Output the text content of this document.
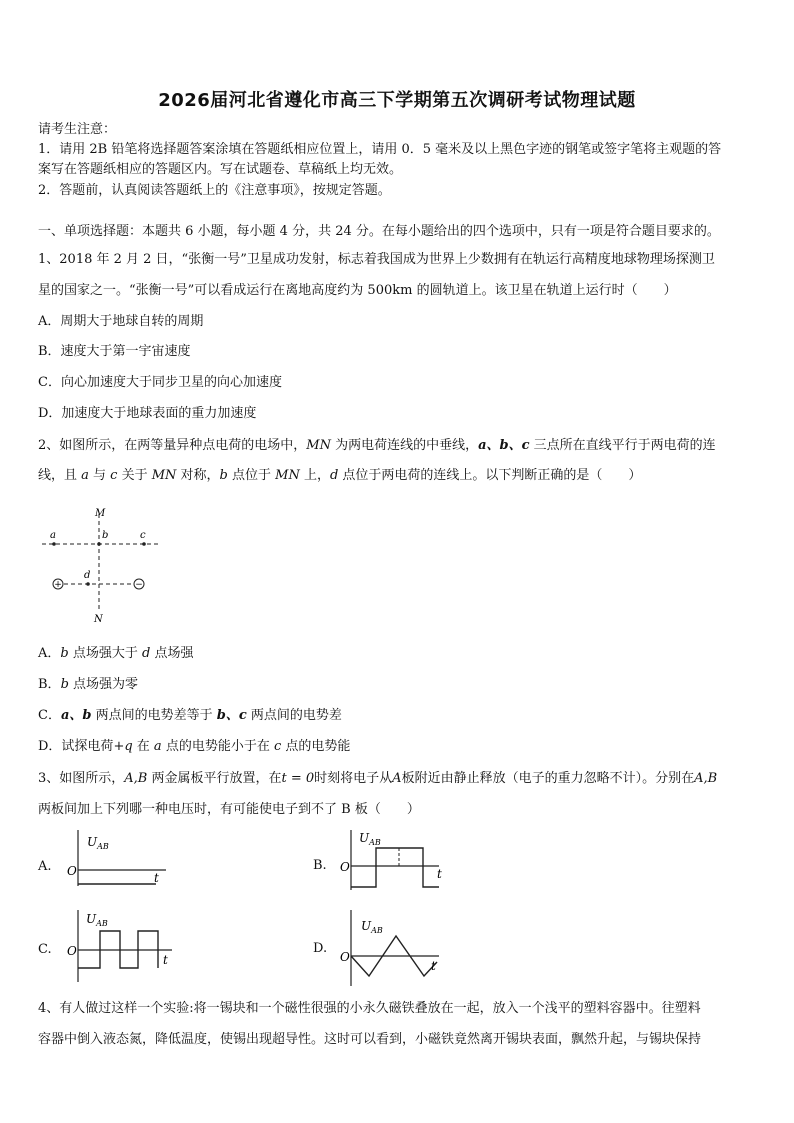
2026届河北省遵化市高三下学期第五次调研考试物理试题
请考生注意：
1．请用 2B 铅笔将选择题答案涂填在答题纸相应位置上，请用 0．5 毫米及以上黑色字迹的钢笔或签字笔将主观题的答
案写在答题纸相应的答题区内。写在试题卷、草稿纸上均无效。
2．答题前，认真阅读答题纸上的《注意事项》，按规定答题。
一、单项选择题：本题共 6 小题，每小题 4 分，共 24 分。在每小题给出的四个选项中，只有一项是符合题目要求的。
1、2018 年 2 月 2 日，“张衡一号”卫星成功发射，标志着我国成为世界上少数拥有在轨运行高精度地球物理场探测卫
星的国家之一。“张衡一号”可以看成运行在离地高度约为 500km 的圆轨道上。该卫星在轨道上运行时（　　）
A．周期大于地球自转的周期
B．速度大于第一宇宙速度
C．向心加速度大于同步卫星的向心加速度
D．加速度大于地球表面的重力加速度
2、如图所示，在两等量异种点电荷的电场中，MN 为两电荷连线的中垂线，a、b、c 三点所在直线平行于两电荷的连
线，且 a 与 c 关于 MN 对称，b 点位于 MN 上，d 点位于两电荷的连线上。以下判断正确的是（　　）
+	−
M
N
a	b	c
d
A．b 点场强大于 d 点场强
B．b 点场强为零
C．a、b 两点间的电势差等于 b、c 两点间的电势差
D．试探电荷+q 在 a 点的电势能小于在 c 点的电势能
3、如图所示，A,B 两金属板平行放置，在t = 0时刻将电子从A板附近由静止释放（电子的重力忽略不计）。分别在A,B
两板间加上下列哪一种电压时，有可能使电子到不了 B 板（　　）
A.	B.
C.	D.
$U_{AB}$
O	t
$U_{AB}$
O	t
$U_{AB}$
O
t
$U_{AB}$
O
t
4、有人做过这样一个实验:将一锡块和一个磁性很强的小永久磁铁叠放在一起，放入一个浅平的塑料容器中。往塑料
容器中倒入液态氮，降低温度，使锡出现超导性。这时可以看到，小磁铁竟然离开锡块表面，飘然升起，与锡块保持
